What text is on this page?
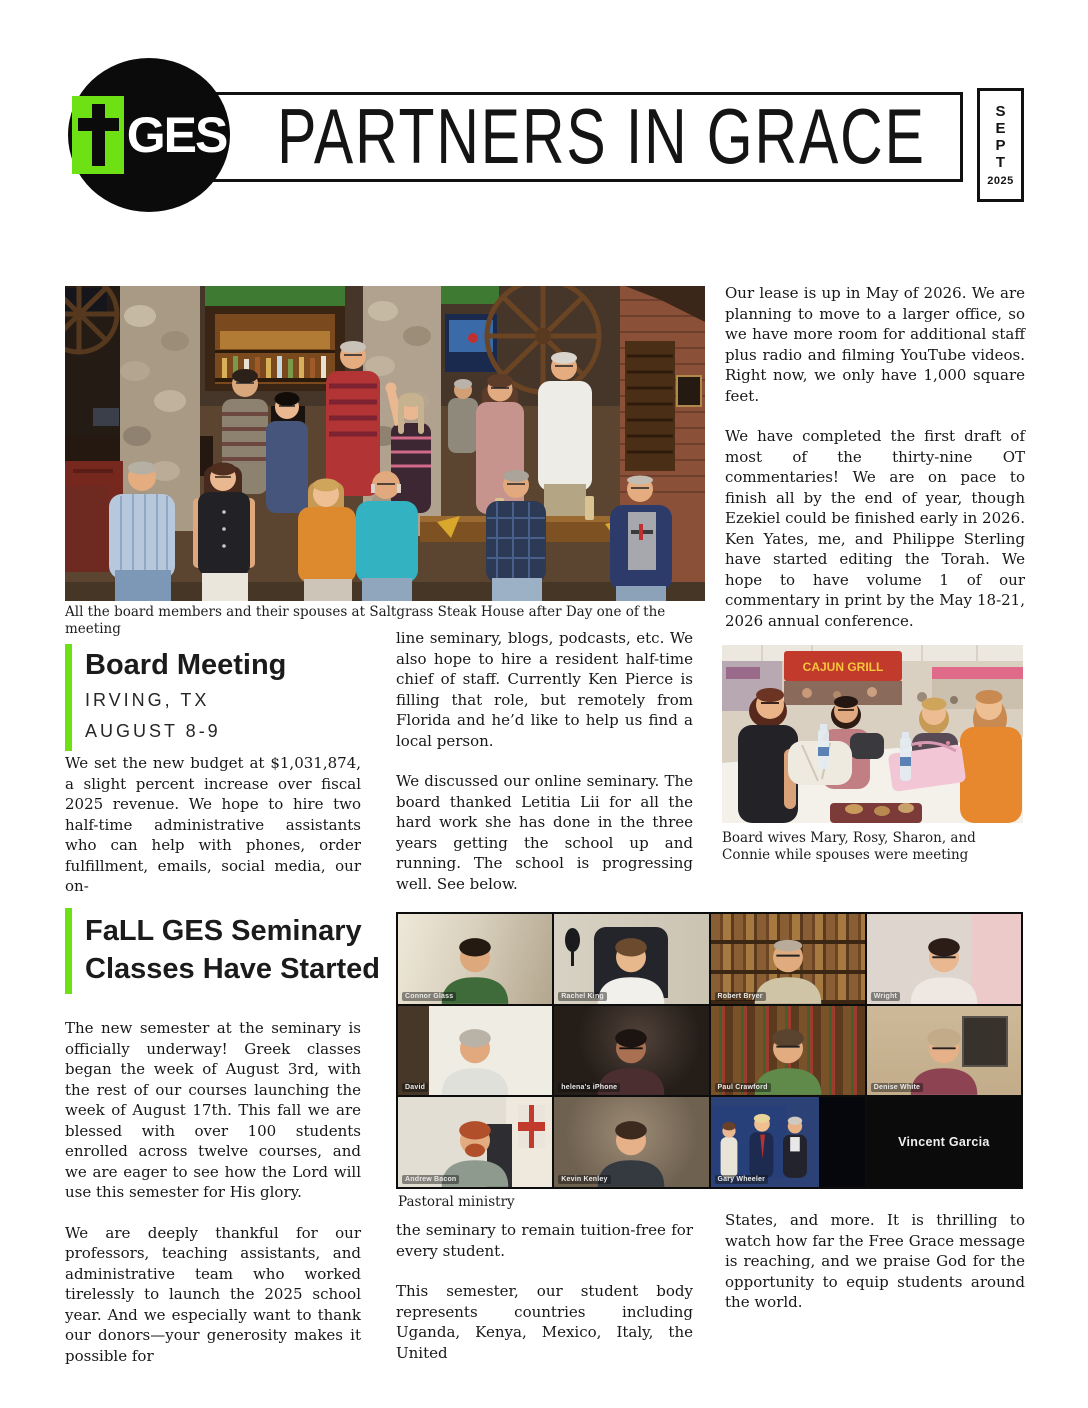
PARTNERS IN GRACE
GES	S
E
P
T
2025
All the board members and their spouses at Saltgrass Steak House after Day one of the meeting

Our lease is up in May of 2026. We are planning to move to a larger office, so we have more room for additional staff plus radio and filming YouTube videos. Right now, we only have 1,000 square feet.

We have completed the first draft of most of the thirty-nine OT commentaries! We are on pace to finish all by the end of year, though Ezekiel could be finished early in 2026. Ken Yates, me, and Philippe Sterling have started editing the Torah. We hope to have volume 1 of our commentary in print by the May 18-21, 2026 annual conference.

Board Meeting
IRVING, TX
AUGUST 8-9

We set the new budget at $1,031,874, a slight percent increase over fiscal 2025 revenue. We hope to hire two half-time administrative assistants who can help with phones, order fulfillment, emails, social media, our on-

line seminary, blogs, podcasts, etc. We also hope to hire a resident half-time chief of staff. Currently Ken Pierce is filling that role, but remotely from Florida and he’d like to help us find a local person.

We discussed our online seminary. The board thanked Letitia Lii for all the hard work she has done in the three years getting the school up and running. The school is progressing well. See below.

CAJUN GRILL
Board wives Mary, Rosy, Sharon, and Connie while spouses were meeting
FaLL GES Seminary
Classes Have Started

The new semester at the seminary is officially underway! Greek classes began the week of August 3rd, with the rest of our courses launching the week of August 17th. This fall we are blessed with over 100 students enrolled across twelve courses, and we are eager to see how the Lord will use this semester for His glory.

We are deeply thankful for our professors, teaching assistants, and administrative team who worked tirelessly to launch the 2025 school year. And we especially want to thank our donors—your generosity makes it possible for

Connor Glass	Rachel King	Robert Bryer	Wright
David	helena's iPhone	Paul Crawford	Denise White
Andrew Bacon	Kevin Kenley	Gary Wheeler
Vincent Garcia
Pastoral ministry

the seminary to remain tuition-free for every student.

This semester, our student body represents countries including Uganda, Kenya, Mexico, Italy, the United

States, and more. It is thrilling to watch how far the Free Grace message is reaching, and we praise God for the opportunity to equip students around the world.
